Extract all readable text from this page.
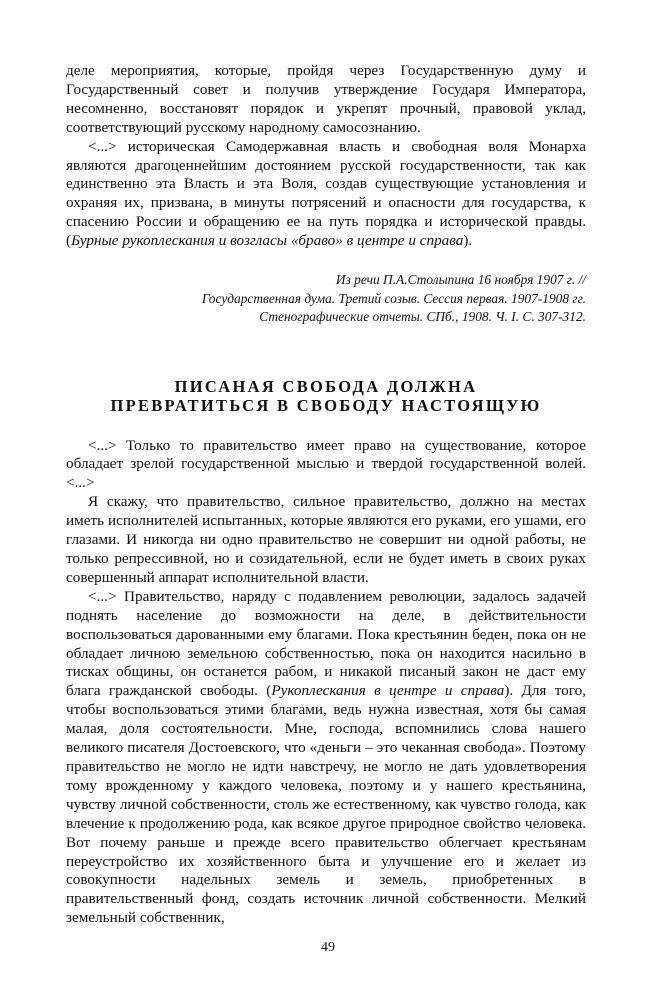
деле мероприятия, которые, пройдя через Государственную думу и Государственный совет и получив утверждение Государя Императора, несомненно, восстановят порядок и укрепят прочный, правовой уклад, соответствующий русскому народному самосознанию.

<...> историческая Самодержавная власть и свободная воля Монарха являются драгоценнейшим достоянием русской государственности, так как единственно эта Власть и эта Воля, создав существующие установления и охраняя их, призвана, в минуты потрясений и опасности для государства, к спасению России и обращению ее на путь порядка и исторической правды. (Бурные рукоплескания и возгласы «браво» в центре и справа).

Из речи П.А.Столыпина 16 ноября 1907 г. //
Государственная дума. Третий созыв. Сессия первая. 1907-1908 гг.
Стенографические отчеты. СПб., 1908. Ч. I. С. 307-312.
ПИСАНАЯ СВОБОДА ДОЛЖНА
ПРЕВРАТИТЬСЯ В СВОБОДУ НАСТОЯЩУЮ

<...> Только то правительство имеет право на существование, которое обладает зрелой государственной мыслью и твердой государственной волей. <...>

Я скажу, что правительство, сильное правительство, должно на местах иметь исполнителей испытанных, которые являются его руками, его ушами, его глазами. И никогда ни одно правительство не совершит ни одной работы, не только репрессивной, но и созидательной, если не будет иметь в своих руках совершенный аппарат исполнительной власти.

<...> Правительство, наряду с подавлением революции, задалось задачей поднять население до возможности на деле, в действительности воспользоваться дарованными ему благами. Пока крестьянин беден, пока он не обладает личною земельною собственностью, пока он находится насильно в тисках общины, он останется рабом, и никакой писаный закон не даст ему блага гражданской свободы. (Рукоплескания в центре и справа). Для того, чтобы воспользоваться этими благами, ведь нужна известная, хотя бы самая малая, доля состоятельности. Мне, господа, вспомнились слова нашего великого писателя Достоевского, что «деньги – это чеканная свобода». Поэтому правительство не могло не идти навстречу, не могло не дать удовлетворения тому врожденному у каждого человека, поэтому и у нашего крестьянина, чувству личной собственности, столь же естественному, как чувство голода, как влечение к продолжению рода, как всякое другое природное свойство человека. Вот почему раньше и прежде всего правительство облегчает крестьянам переустройство их хозяйственного быта и улучшение его и желает из совокупности надельных земель и земель, приобретенных в правительственный фонд, создать источник личной собственности. Мелкий земельный собственник,

49
